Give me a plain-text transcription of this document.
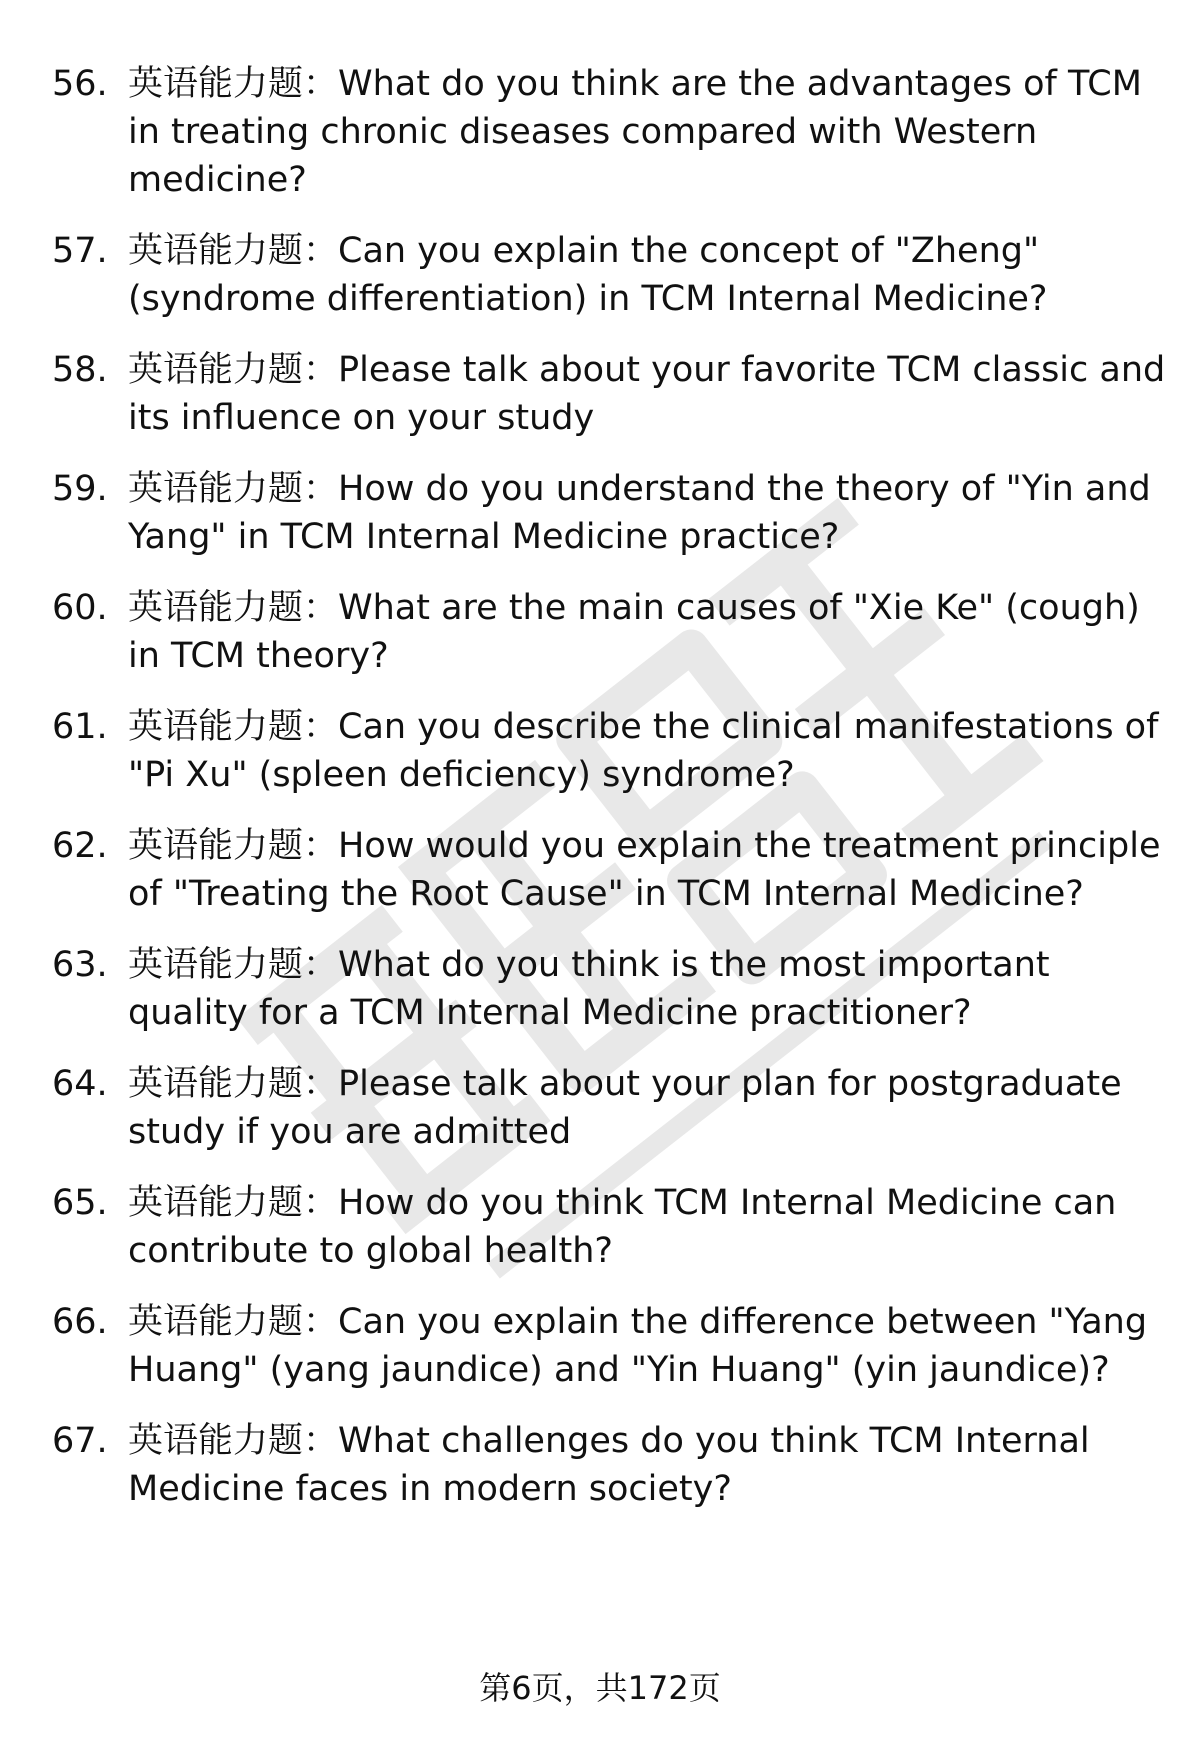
56. 英语能力题：What do you think are the advantages of TCM in treating chronic diseases compared with Western medicine?
57. 英语能力题：Can you explain the concept of "Zheng" (syndrome differentiation) in TCM Internal Medicine?
58. 英语能力题：Please talk about your favorite TCM classic and its influence on your study
59. 英语能力题：How do you understand the theory of "Yin and Yang" in TCM Internal Medicine practice?
60. 英语能力题：What are the main causes of "Xie Ke" (cough) in TCM theory?
61. 英语能力题：Can you describe the clinical manifestations of "Pi Xu" (spleen deficiency) syndrome?
62. 英语能力题：How would you explain the treatment principle of "Treating the Root Cause" in TCM Internal Medicine?
63. 英语能力题：What do you think is the most important quality for a TCM Internal Medicine practitioner?
64. 英语能力题：Please talk about your plan for postgraduate study if you are admitted
65. 英语能力题：How do you think TCM Internal Medicine can contribute to global health?
66. 英语能力题：Can you explain the difference between "Yang Huang" (yang jaundice) and "Yin Huang" (yin jaundice)?
67. 英语能力题：What challenges do you think TCM Internal Medicine faces in modern society?
第6页，共172页
